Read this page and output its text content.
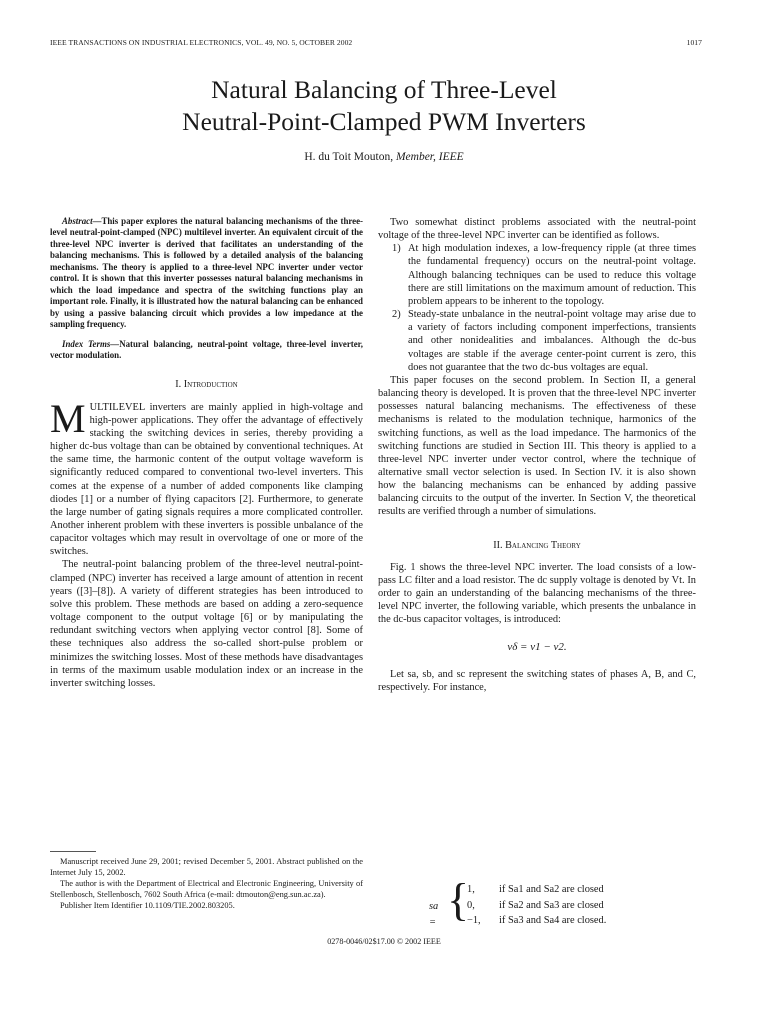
IEEE TRANSACTIONS ON INDUSTRIAL ELECTRONICS, VOL. 49, NO. 5, OCTOBER 2002	1017
Natural Balancing of Three-Level
Neutral-Point-Clamped PWM Inverters
H. du Toit Mouton, Member, IEEE

Abstract—This paper explores the natural balancing mechanisms of the three-level neutral-point-clamped (NPC) multilevel inverter. An equivalent circuit of the three-level NPC inverter is derived that facilitates an understanding of the balancing mechanisms. This is followed by a detailed analysis of the balancing mechanisms. The theory is applied to a three-level NPC inverter under vector control. It is shown that this inverter possesses natural balancing mechanisms in which the load impedance and spectra of the switching functions play an important role. Finally, it is illustrated how the natural balancing can be enhanced by using a passive balancing circuit which provides a low impedance at the sampling frequency.

Index Terms—Natural balancing, neutral-point voltage, three-level inverter, vector modulation.

I. Introduction

MULTILEVEL inverters are mainly applied in high-voltage and high-power applications. They offer the advantage of effectively stacking the switching devices in series, thereby providing a higher dc-bus voltage than can be obtained by conventional techniques. At the same time, the harmonic content of the output voltage waveform is significantly reduced compared to conventional two-level inverters. This comes at the expense of a number of added components like clamping diodes [1] or a number of flying capacitors [2]. Furthermore, to generate the large number of gating signals requires a more complicated controller. Another inherent problem with these inverters is possible unbalance of the capacitor voltages which may result in overvoltage of one or more of the switches.

The neutral-point balancing problem of the three-level neutral-point-clamped (NPC) inverter has received a large amount of attention in recent years ([3]–[8]). A variety of different strategies has been introduced to solve this problem. These methods are based on adding a zero-sequence voltage component to the output voltage [6] or by manipulating the redundant switching vectors when applying vector control [8]. Some of these techniques also address the so-called short-pulse problem or minimizes the switching losses. Most of these methods have disadvantages in terms of the maximum usable modulation index or an increase in the inverter switching losses.

Manuscript received June 29, 2001; revised December 5, 2001. Abstract published on the Internet July 15, 2002.

The author is with the Department of Electrical and Electronic Engineering, University of Stellenbosch, Stellenbosch, 7602 South Africa (e-mail: dtmouton@eng.sun.ac.za).

Publisher Item Identifier 10.1109/TIE.2002.803205.

Two somewhat distinct problems associated with the neutral-point voltage of the three-level NPC inverter can be identified as follows.

1) At high modulation indexes, a low-frequency ripple (at three times the fundamental frequency) occurs on the neutral-point voltage. Although balancing techniques can be used to reduce this voltage there are still limitations on the maximum amount of reduction. This problem appears to be inherent to the topology.
2) Steady-state unbalance in the neutral-point voltage may arise due to a variety of factors including component imperfections, transients and other nonidealities and imbalances. Although the dc-bus voltages are stable if the average center-point current is zero, this does not guarantee that the two dc-bus voltages are equal.

This paper focuses on the second problem. In Section II, a general balancing theory is developed. It is proven that the three-level NPC inverter possesses natural balancing mechanisms. The effectiveness of these mechanisms is related to the modulation technique, harmonics of the switching functions, as well as the load impedance. The harmonics of the switching functions are studied in Section III. This theory is applied to a three-level NPC inverter under vector control, where the technique of alternative small vector selection is used. In Section IV. it is also shown how the balancing mechanisms can be enhanced by adding passive balancing circuits to the output of the inverter. In Section V, the theoretical results are verified through a number of simulations.

II. Balancing Theory

Fig. 1 shows the three-level NPC inverter. The load consists of a low-pass LC filter and a load resistor. The dc supply voltage is denoted by Vt. In order to gain an understanding of the balancing mechanisms of the three-level NPC inverter, the following variable, which presents the unbalance in the dc-bus capacitor voltages, is introduced:

vδ = v1 − v2.

Let sa, sb, and sc represent the switching states of phases A, B, and C, respectively. For instance,

sa = {
1,	if Sa1 and Sa2 are closed
0,	if Sa2 and Sa3 are closed
−1,	if Sa3 and Sa4 are closed.
0278-0046/02$17.00 © 2002 IEEE
